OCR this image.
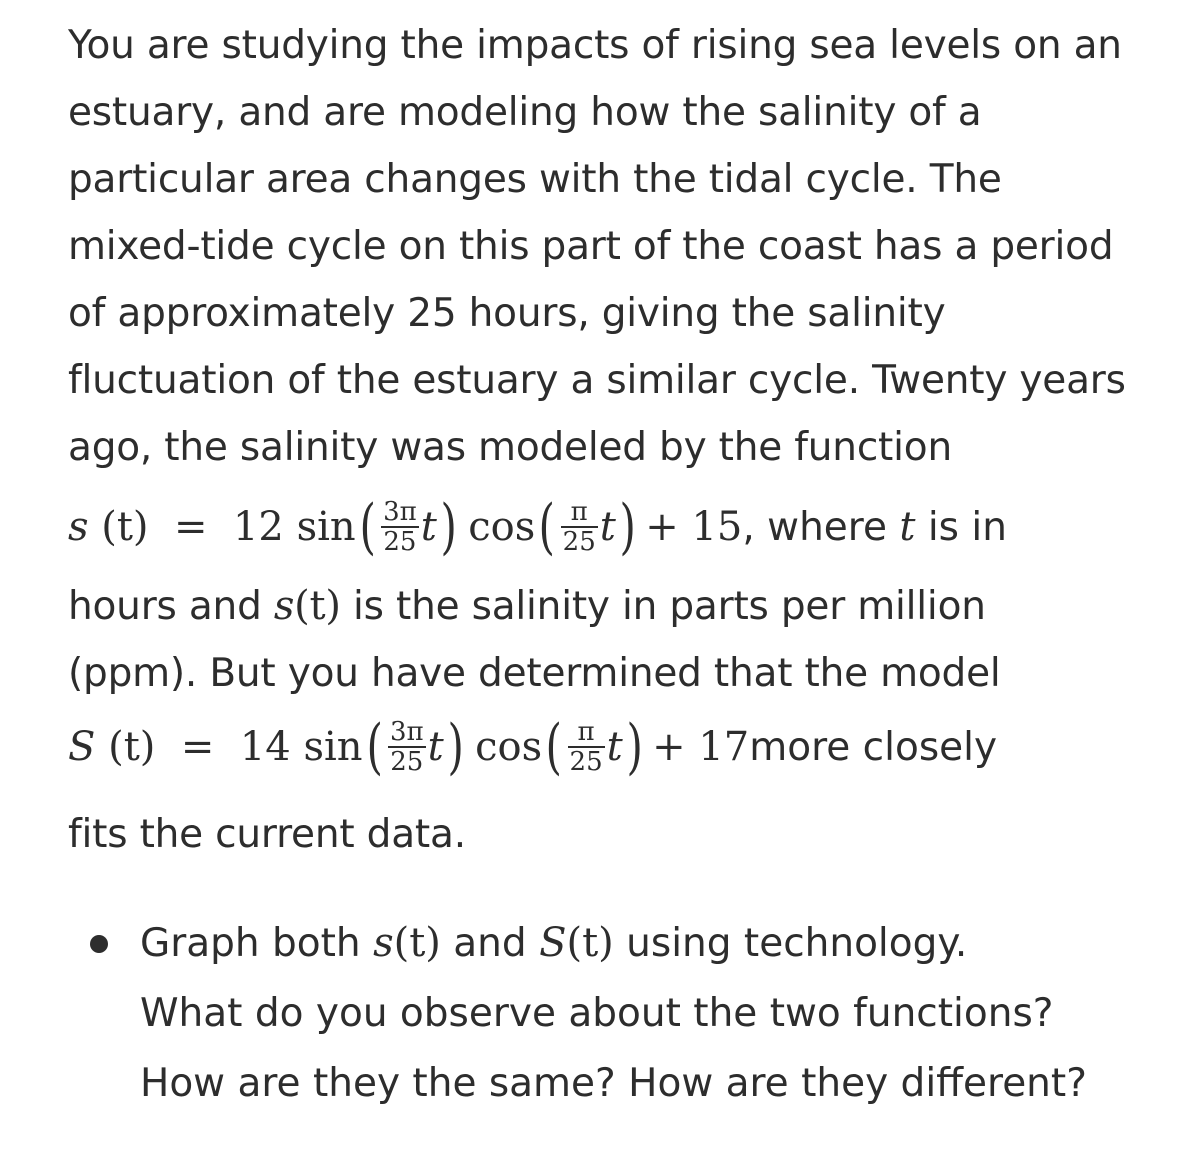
You are studying the impacts of rising sea levels on an
estuary, and are modeling how the salinity of a
particular area changes with the tidal cycle. The
mixed-tide cycle on this part of the coast has a period
of approximately 25 hours, giving the salinity
fluctuation of the estuary a similar cycle. Twenty years
ago, the salinity was modeled by the function
s (t) = 12 sin ( $\frac{3\pi}{25}$ t ) cos ( $\frac{\pi}{25}$ t ) + 15 , where t is in
hours and s(t) is the salinity in parts per million
(ppm). But you have determined that the model
S (t) = 14 sin ( $\frac{3\pi}{25}$ t ) cos ( $\frac{\pi}{25}$ t ) + 17 more closely
fits the current data.
Graph both s(t) and S(t) using technology.
What do you observe about the two functions?
How are they the same? How are they different?
